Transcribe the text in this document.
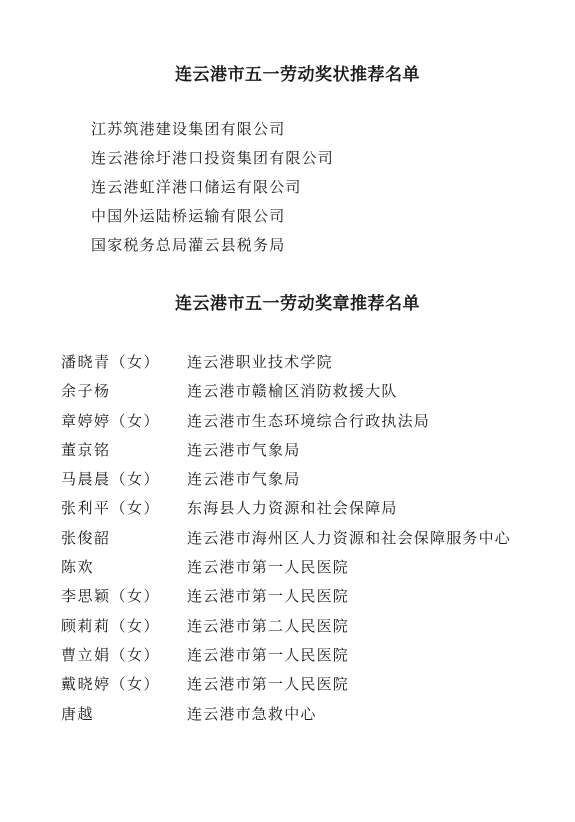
连云港市五一劳动奖状推荐名单
江苏筑港建设集团有限公司
连云港徐圩港口投资集团有限公司
连云港虹洋港口储运有限公司
中国外运陆桥运输有限公司
国家税务总局灌云县税务局
连云港市五一劳动奖章推荐名单
潘晓青（女） 连云港职业技术学院
余子杨	连云港市赣榆区消防救援大队
章婷婷（女） 连云港市生态环境综合行政执法局
董京铭	连云港市气象局
马晨晨（女） 连云港市气象局
张利平（女） 东海县人力资源和社会保障局
张俊韶	连云港市海州区人力资源和社会保障服务中心
陈欢	连云港市第一人民医院
李思颖（女） 连云港市第一人民医院
顾莉莉（女） 连云港市第二人民医院
曹立娟（女） 连云港市第一人民医院
戴晓婷（女） 连云港市第一人民医院
唐越	连云港市急救中心
